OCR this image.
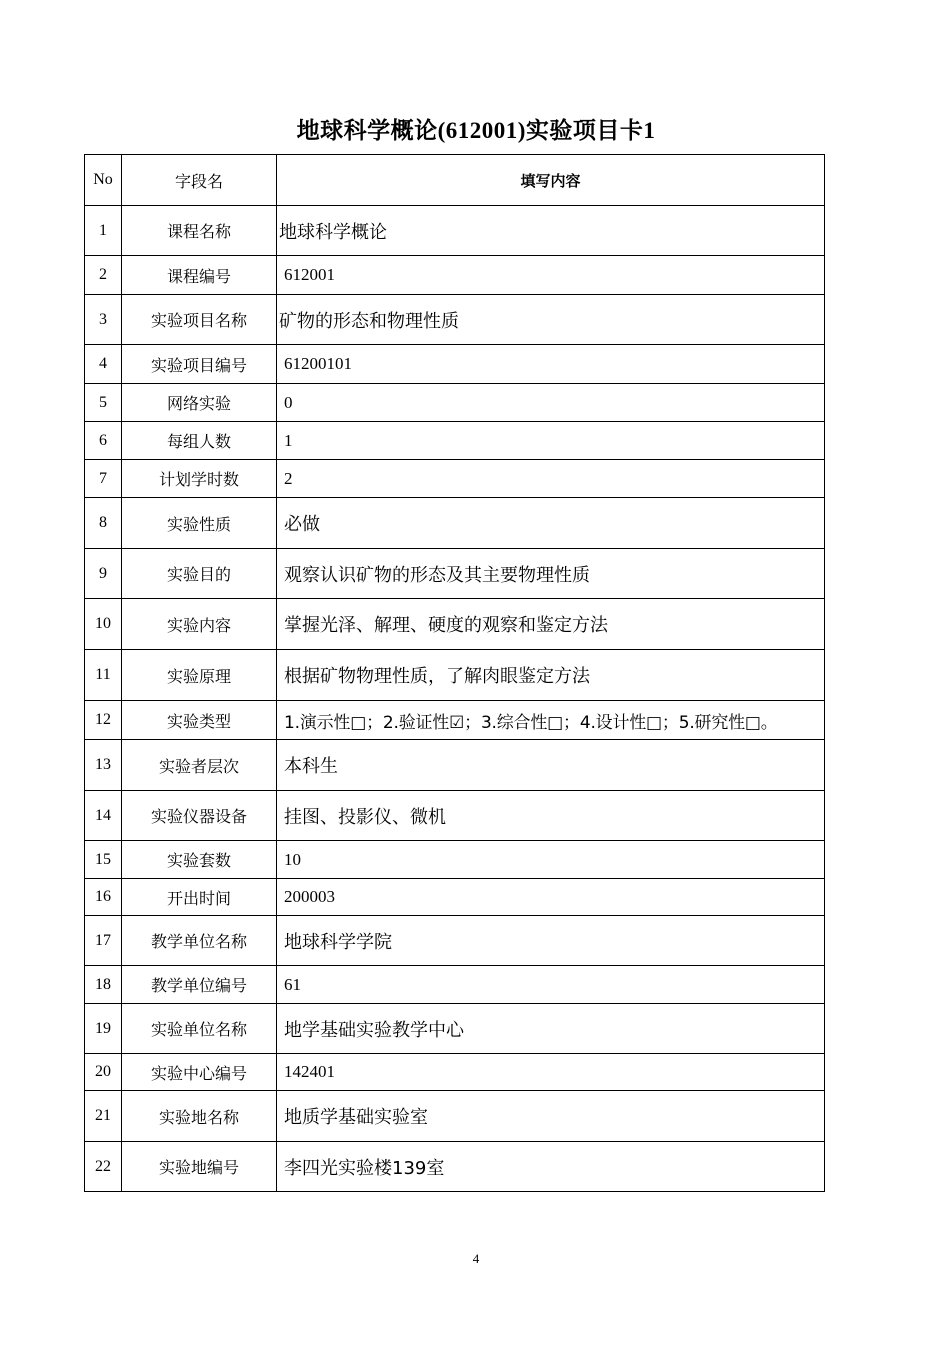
地球科学概论(612001)实验项目卡1
No	字段名	填写内容
1	课程名称	地球科学概论
2	课程编号	612001
3	实验项目名称	矿物的形态和物理性质
4	实验项目编号	61200101
5	网络实验	0
6	每组人数	1
7	计划学时数	2
8	实验性质	必做
9	实验目的	观察认识矿物的形态及其主要物理性质
10	实验内容	掌握光泽、解理、硬度的观察和鉴定方法
11	实验原理	根据矿物物理性质，了解肉眼鉴定方法
12	实验类型	1.演示性□；2.验证性☑；3.综合性□；4.设计性□；5.研究性□。
13	实验者层次	本科生
14	实验仪器设备	挂图、投影仪、微机
15	实验套数	10
16	开出时间	200003
17	教学单位名称	地球科学学院
18	教学单位编号	61
19	实验单位名称	地学基础实验教学中心
20	实验中心编号	142401
21	实验地名称	地质学基础实验室
22	实验地编号	李四光实验楼139室
4
